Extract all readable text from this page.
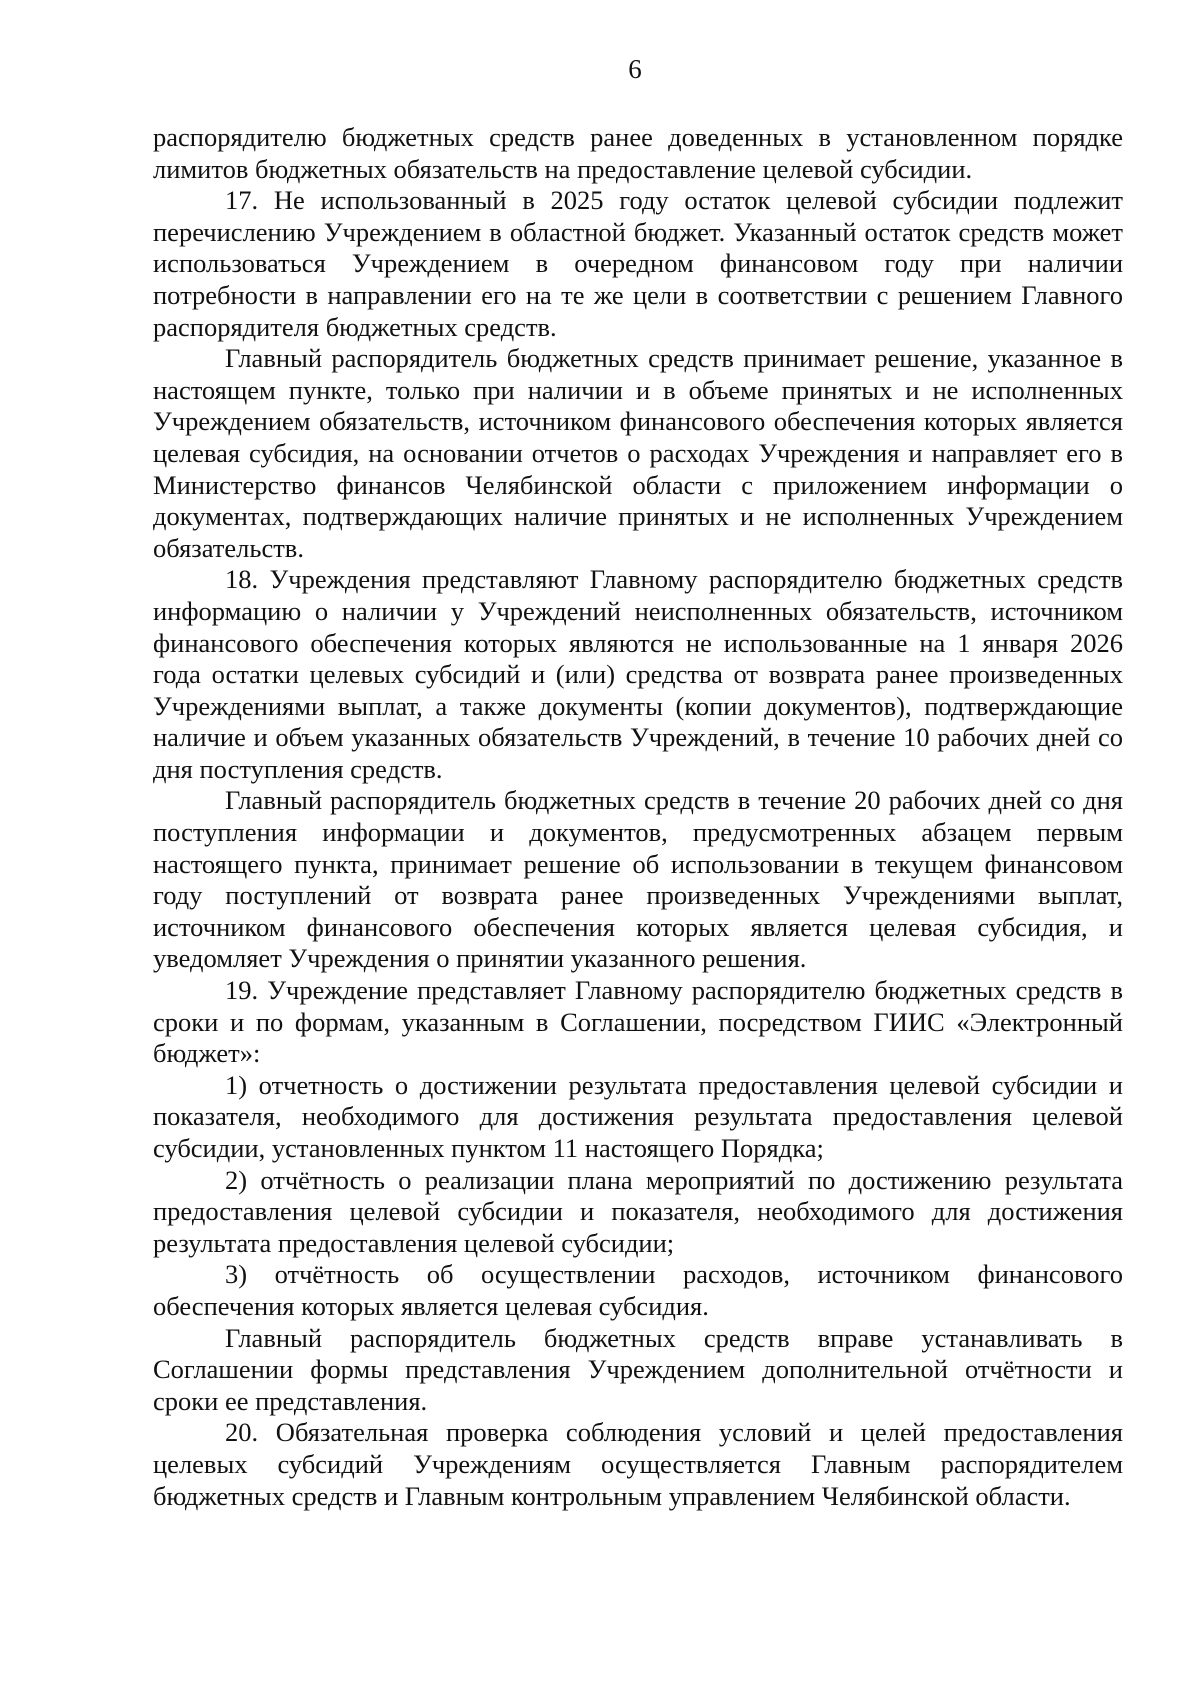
6

распорядителю бюджетных средств ранее доведенных в установленном порядке лимитов бюджетных обязательств на предоставление целевой субсидии.

17. Не использованный в 2025 году остаток целевой субсидии подлежит перечислению Учреждением в областной бюджет. Указанный остаток средств может использоваться Учреждением в очередном финансовом году при наличии потребности в направлении его на те же цели в соответствии с решением Главного распорядителя бюджетных средств.

Главный распорядитель бюджетных средств принимает решение, указанное в настоящем пункте, только при наличии и в объеме принятых и не исполненных Учреждением обязательств, источником финансового обеспечения которых является целевая субсидия, на основании отчетов о расходах Учреждения и направляет его в Министерство финансов Челябинской области с приложением информации о документах, подтверждающих наличие принятых и не исполненных Учреждением обязательств.

18. Учреждения представляют Главному распорядителю бюджетных средств информацию о наличии у Учреждений неисполненных обязательств, источником финансового обеспечения которых являются не использованные на 1 января 2026 года остатки целевых субсидий и (или) средства от возврата ранее произведенных Учреждениями выплат, а также документы (копии документов), подтверждающие наличие и объем указанных обязательств Учреждений, в течение 10 рабочих дней со дня поступления средств.

Главный распорядитель бюджетных средств в течение 20 рабочих дней со дня поступления информации и документов, предусмотренных абзацем первым настоящего пункта, принимает решение об использовании в текущем финансовом году поступлений от возврата ранее произведенных Учреждениями выплат, источником финансового обеспечения которых является целевая субсидия, и уведомляет Учреждения о принятии указанного решения.

19. Учреждение представляет Главному распорядителю бюджетных средств в сроки и по формам, указанным в Соглашении, посредством ГИИС «Электронный бюджет»:

1) отчетность о достижении результата предоставления целевой субсидии и показателя, необходимого для достижения результата предоставления целевой субсидии, установленных пунктом 11 настоящего Порядка;

2) отчётность о реализации плана мероприятий по достижению результата предоставления целевой субсидии и показателя, необходимого для достижения результата предоставления целевой субсидии;

3) отчётность об осуществлении расходов, источником финансового обеспечения которых является целевая субсидия.

Главный распорядитель бюджетных средств вправе устанавливать в Соглашении формы представления Учреждением дополнительной отчётности и сроки ее представления.

20. Обязательная проверка соблюдения условий и целей предоставления целевых субсидий Учреждениям осуществляется Главным распорядителем бюджетных средств и Главным контрольным управлением Челябинской области.
